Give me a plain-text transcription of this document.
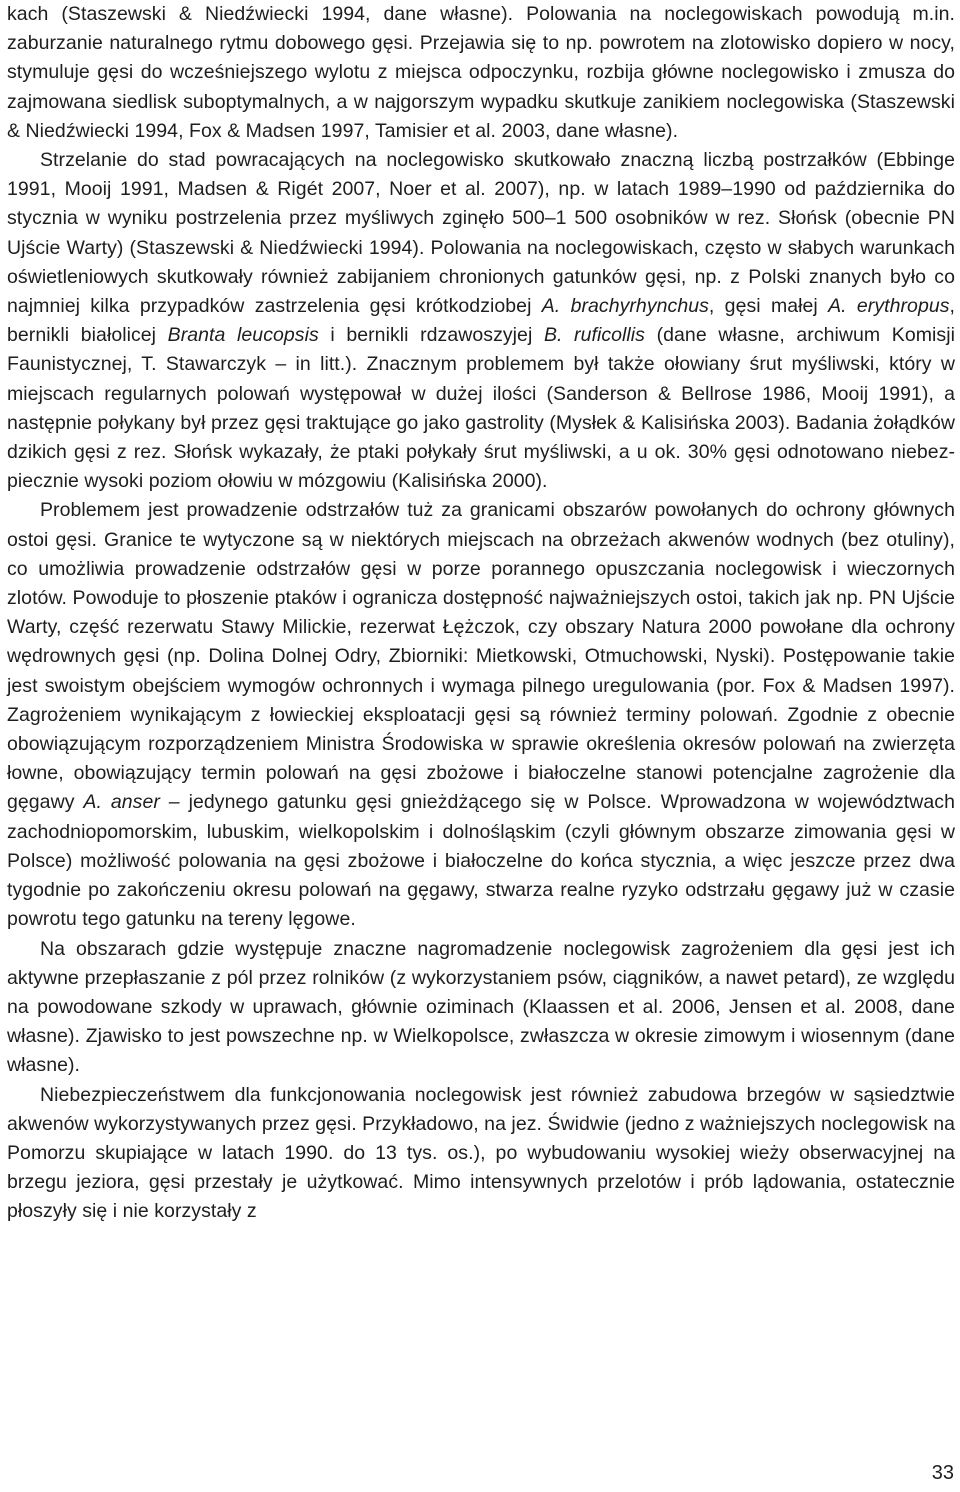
kach (Staszewski & Niedźwiecki 1994, dane własne). Polowania na noclegowiskach powodują m.in. zaburzanie naturalnego rytmu dobowego gęsi. Przejawia się to np. powrotem na zlotowisko dopiero w nocy, stymuluje gęsi do wcześniejszego wylotu z miejsca odpoczynku, rozbija główne noclegowisko i zmusza do zajmowana siedlisk suboptymalnych, a w najgorszym wypadku skutkuje zanikiem noclegowiska (Staszewski & Niedźwiecki 1994, Fox & Madsen 1997, Tamisier et al. 2003, dane własne).

Strzelanie do stad powracających na noclegowisko skutkowało znaczną liczbą postrzałków (Ebbinge 1991, Mooij 1991, Madsen & Rigét 2007, Noer et al. 2007), np. w latach 1989–1990 od października do stycznia w wyniku postrzelenia przez myśliwych zginęło 500–1 500 osobników w rez. Słońsk (obecnie PN Ujście Warty) (Staszewski & Niedźwiecki 1994). Polowania na noclegowiskach, często w słabych warunkach oświetleniowych skutkowały również zabijaniem chronionych gatunków gęsi, np. z Polski znanych było co najmniej kilka przypadków zastrzelenia gęsi krótkodziobej A. brachyrhynchus, gęsi małej A. erythropus, bernikli białolicej Branta leucopsis i bernikli rdzawoszyjej B. ruficollis (dane własne, archiwum Komisji Faunistycznej, T. Stawarczyk – in litt.). Znacznym problemem był także ołowiany śrut myśliwski, który w miejscach regularnych polowań występował w dużej ilości (Sanderson & Bellrose 1986, Mooij 1991), a następnie połykany był przez gęsi traktujące go jako gastrolity (Mysłek & Kalisińska 2003). Badania żołądków dzikich gęsi z rez. Słońsk wykazały, że ptaki połykały śrut myśliwski, a u ok. 30% gęsi odnotowano niebezpiecznie wysoki poziom ołowiu w mózgowiu (Kalisińska 2000).

Problemem jest prowadzenie odstrzałów tuż za granicami obszarów powołanych do ochrony głównych ostoi gęsi. Granice te wytyczone są w niektórych miejscach na obrzeżach akwenów wodnych (bez otuliny), co umożliwia prowadzenie odstrzałów gęsi w porze porannego opuszczania noclegowisk i wieczornych zlotów. Powoduje to płoszenie ptaków i ogranicza dostępność najważniejszych ostoi, takich jak np. PN Ujście Warty, część rezerwatu Stawy Milickie, rezerwat Łężczok, czy obszary Natura 2000 powołane dla ochrony wędrownych gęsi (np. Dolina Dolnej Odry, Zbiorniki: Mietkowski, Otmuchowski, Nyski). Postępowanie takie jest swoistym obejściem wymogów ochronnych i wymaga pilnego uregulowania (por. Fox & Madsen 1997). Zagrożeniem wynikającym z łowieckiej eksploatacji gęsi są również terminy polowań. Zgodnie z obecnie obowiązującym rozporządzeniem Ministra Środowiska w sprawie określenia okresów polowań na zwierzęta łowne, obowiązujący termin polowań na gęsi zbożowe i białoczelne stanowi potencjalne zagrożenie dla gęgawy A. anser – jedynego gatunku gęsi gnieżdżącego się w Polsce. Wprowadzona w województwach zachodniopomorskim, lubuskim, wielkopolskim i dolnośląskim (czyli głównym obszarze zimowania gęsi w Polsce) możliwość polowania na gęsi zbożowe i białoczelne do końca stycznia, a więc jeszcze przez dwa tygodnie po zakończeniu okresu polowań na gęgawy, stwarza realne ryzyko odstrzału gęgawy już w czasie powrotu tego gatunku na tereny lęgowe.

Na obszarach gdzie występuje znaczne nagromadzenie noclegowisk zagrożeniem dla gęsi jest ich aktywne przepłaszanie z pól przez rolników (z wykorzystaniem psów, ciągników, a nawet petard), ze względu na powodowane szkody w uprawach, głównie oziminach (Klaassen et al. 2006, Jensen et al. 2008, dane własne). Zjawisko to jest powszechne np. w Wielkopolsce, zwłaszcza w okresie zimowym i wiosennym (dane własne).

Niebezpieczeństwem dla funkcjonowania noclegowisk jest również zabudowa brzegów w sąsiedztwie akwenów wykorzystywanych przez gęsi. Przykładowo, na jez. Świdwie (jedno z ważniejszych noclegowisk na Pomorzu skupiające w latach 1990. do 13 tys. os.), po wybudowaniu wysokiej wieży obserwacyjnej na brzegu jeziora, gęsi przestały je użytkować. Mimo intensywnych przelotów i prób lądowania, ostatecznie płoszyły się i nie korzystały z

33
